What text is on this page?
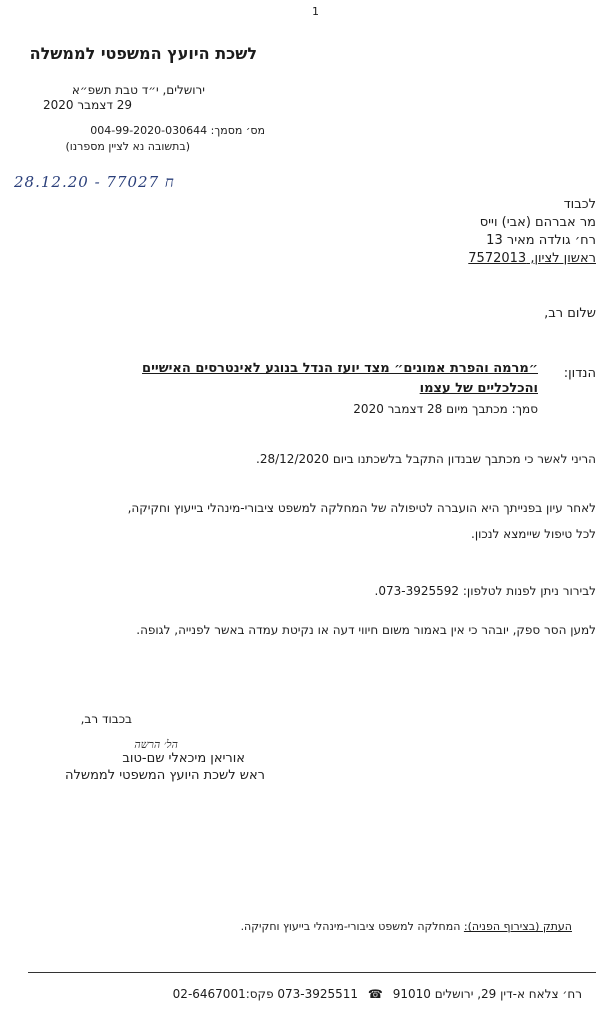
1
לשכת היועץ המשפטי לממשלה
ירושלים, י״ד טבת תשפ״א
29 דצמבר 2020
מס׳ מסמך: 004-99-2020-030644
(בתשובה נא לציין מספרנו)
28.12.20 - ח 77027
לכבוד
מר אברהם (אבי) וייס
רח׳ גולדה מאיר 13
ראשון לציון, 7572013
שלום רב,
הנדון:
״מרמה והפרת אמונים״ מצד יועז הנדל בנוגע לאינטרסים האישיים
והכלכליים של עצמו
סמך: מכתבך מיום 28 דצמבר 2020
הריני לאשר כי מכתבך שבנדון התקבל בלשכתנו ביום 28/12/2020.
לאחר עיון בפנייתך היא הועברה לטיפולה של המחלקה למשפט ציבורי-מינהלי בייעוץ וחקיקה,
לכל טיפול שיימצא לנכון.
לבירור ניתן לפנות לטלפון: 073-3925592.
למען הסר ספק, יובהר כי אין באמור משום חיווי דעה או נקיטת עמדה באשר לפנייה, לגופה.
בכבוד רב,
הל׳ הרשה
אוריאן מיכאלי שם-טוב
ראש לשכת היועץ המשפטי לממשלה
העתק (בצירוף הפניה): המחלקה למשפט ציבורי-מינהלי בייעוץ וחקיקה.
רח׳ צלאח א-דין 29, ירושלים 91010 ☎ 073-3925511 פקס:02-6467001
